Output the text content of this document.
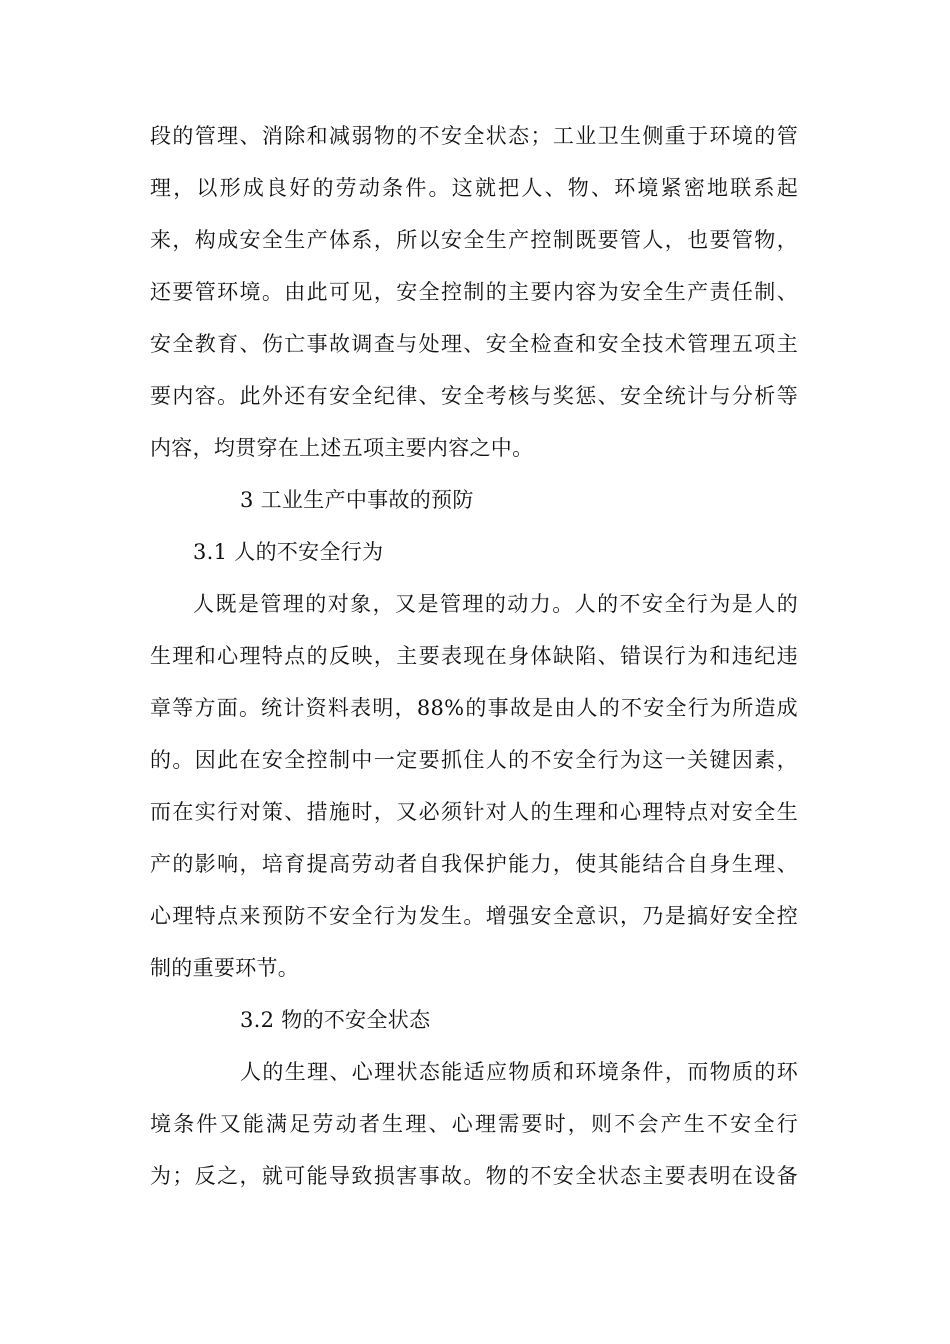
段的管理、消除和减弱物的不安全状态；工业卫生侧重于环境的管
理，以形成良好的劳动条件。这就把人、物、环境紧密地联系起
来，构成安全生产体系，所以安全生产控制既要管人，也要管物，
还要管环境。由此可见，安全控制的主要内容为安全生产责任制、
安全教育、伤亡事故调查与处理、安全检查和安全技术管理五项主
要内容。此外还有安全纪律、安全考核与奖惩、安全统计与分析等
内容，均贯穿在上述五项主要内容之中。
3 工业生产中事故的预防
3.1 人的不安全行为
人既是管理的对象，又是管理的动力。人的不安全行为是人的
生理和心理特点的反映，主要表现在身体缺陷、错误行为和违纪违
章等方面。统计资料表明，88%的事故是由人的不安全行为所造成
的。因此在安全控制中一定要抓住人的不安全行为这一关键因素，
而在实行对策、措施时，又必须针对人的生理和心理特点对安全生
产的影响，培育提高劳动者自我保护能力，使其能结合自身生理、
心理特点来预防不安全行为发生。增强安全意识，乃是搞好安全控
制的重要环节。
3.2 物的不安全状态
人的生理、心理状态能适应物质和环境条件，而物质的环
境条件又能满足劳动者生理、心理需要时，则不会产生不安全行
为；反之，就可能导致损害事故。物的不安全状态主要表明在设备
